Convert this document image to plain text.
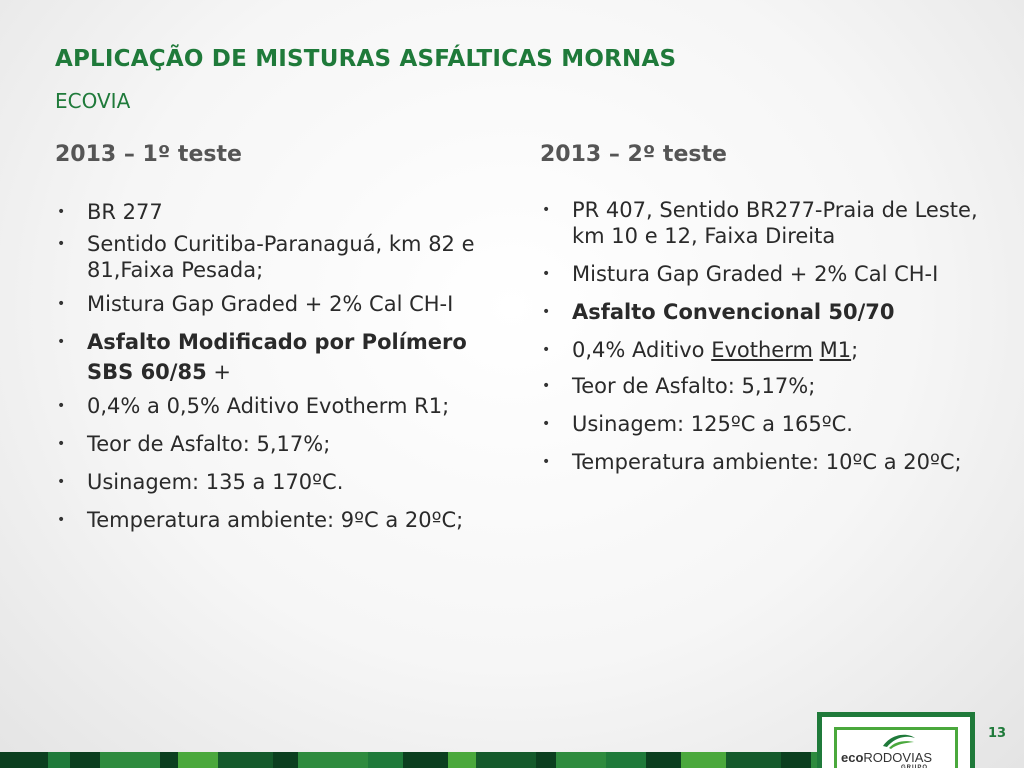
APLICAÇÃO DE MISTURAS ASFÁLTICAS MORNAS
ECOVIA
2013 – 1º teste
• BR 277
• Sentido Curitiba-Paranaguá, km 82 e 81,Faixa Pesada;
• Mistura Gap Graded + 2% Cal CH-I
• Asfalto Modificado por Polímero SBS 60/85 +
• 0,4% a 0,5% Aditivo Evotherm R1;
• Teor de Asfalto: 5,17%;
• Usinagem: 135 a 170ºC.
• Temperatura ambiente: 9ºC a 20ºC;
2013 – 2º teste
• PR 407, Sentido BR277-Praia de Leste, km 10 e 12, Faixa Direita
• Mistura Gap Graded + 2% Cal CH-I
• Asfalto Convencional 50/70
• 0,4% Aditivo Evotherm M1;
• Teor de Asfalto: 5,17%;
• Usinagem: 125ºC a 165ºC.
• Temperatura ambiente: 10ºC a 20ºC;
ecoRODOVIAS
GRUPO
13
